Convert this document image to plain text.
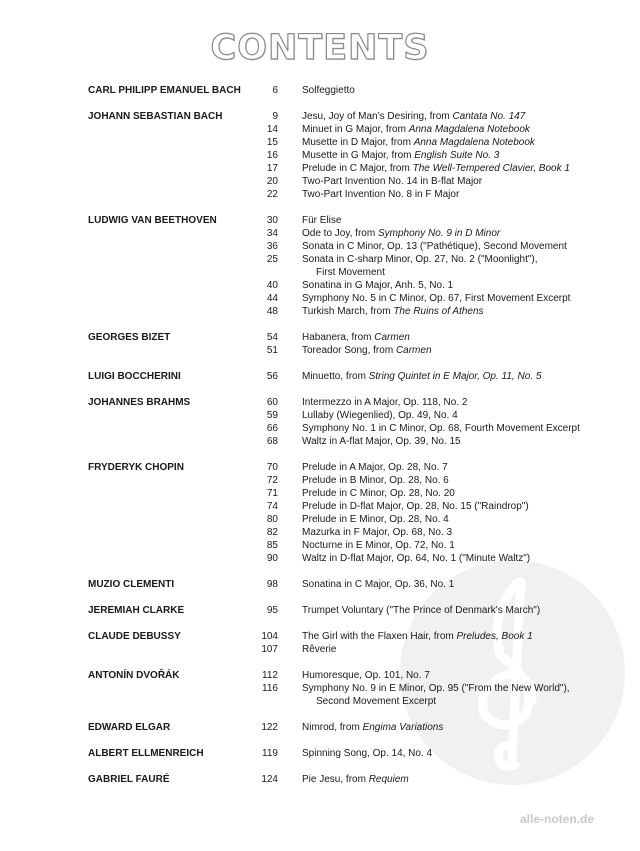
alle-noten.de
CONTENTS
CARL PHILIPP EMANUEL BACH	6 Solfeggietto
JOHANN SEBASTIAN BACH	9 Jesu, Joy of Man’s Desiring, from Cantata No. 147
14 Minuet in G Major, from Anna Magdalena Notebook
15 Musette in D Major, from Anna Magdalena Notebook
16 Musette in G Major, from English Suite No. 3
17 Prelude in C Major, from The Well-Tempered Clavier, Book 1
20 Two-Part Invention No. 14 in B-flat Major
22 Two-Part Invention No. 8 in F Major
LUDWIG VAN BEETHOVEN	30 Für Elise
34 Ode to Joy, from Symphony No. 9 in D Minor
36 Sonata in C Minor, Op. 13 ("Pathétique), Second Movement
25 Sonata in C-sharp Minor, Op. 27, No. 2 ("Moonlight"),
First Movement
40 Sonatina in G Major, Anh. 5, No. 1
44 Symphony No. 5 in C Minor, Op. 67, First Movement Excerpt
48 Turkish March, from The Ruins of Athens
GEORGES BIZET	54 Habanera, from Carmen
51 Toreador Song, from Carmen
LUIGI BOCCHERINI	56 Minuetto, from String Quintet in E Major, Op. 11, No. 5
JOHANNES BRAHMS	60 Intermezzo in A Major, Op. 118, No. 2
59 Lullaby (Wiegenlied), Op. 49, No. 4
66 Symphony No. 1 in C Minor, Op. 68, Fourth Movement Excerpt
68 Waltz in A-flat Major, Op. 39, No. 15
FRYDERYK CHOPIN	70 Prelude in A Major, Op. 28, No. 7
72 Prelude in B Minor, Op. 28, No. 6
71 Prelude in C Minor, Op. 28, No. 20
74 Prelude in D-flat Major, Op. 28, No. 15 ("Raindrop")
80 Prelude in E Minor, Op. 28, No. 4
82 Mazurka in F Major, Op. 68, No. 3
85 Nocturne in E Minor, Op. 72, No. 1
90 Waltz in D-flat Major, Op. 64, No. 1 ("Minute Waltz")
MUZIO CLEMENTI	98 Sonatina in C Major, Op. 36, No. 1
JEREMIAH CLARKE	95 Trumpet Voluntary ("The Prince of Denmark's March")
CLAUDE DEBUSSY	104 The Girl with the Flaxen Hair, from Preludes, Book 1
107 Rêverie
ANTONÍN DVOŘÁK	112 Humoresque, Op. 101, No. 7
116 Symphony No. 9 in E Minor, Op. 95 ("From the New World"),
Second Movement Excerpt
EDWARD ELGAR	122 Nimrod, from Engima Variations
ALBERT ELLMENREICH	119 Spinning Song, Op. 14, No. 4
GABRIEL FAURÉ	124 Pie Jesu, from Requiem
